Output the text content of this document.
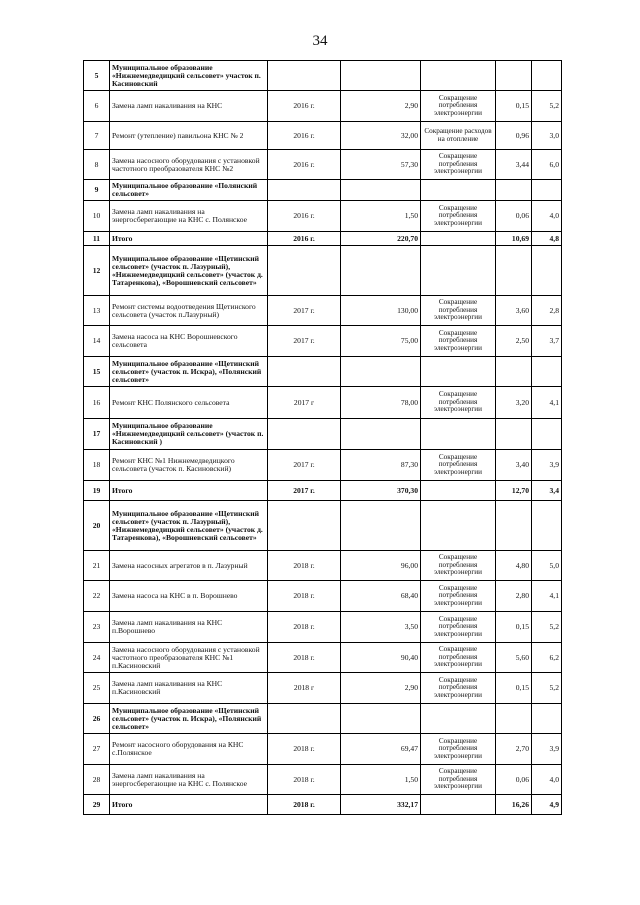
34
5	Муниципальное образование «Нижнемедведицкий сельсовет» участок п. Касиновский					
6	Замена ламп накаливания на КНС	2016 г.	2,90	Сокращение потребления электроэнергии	0,15	5,2
7	Ремонт (утепление) павильона КНС № 2	2016 г.	32,00	Сокращение расходов на отопление	0,96	3,0
8	Замена насосного оборудования с установкой частотного преобразователя КНС №2	2016 г.	57,30	Сокращение потребления электроэнергии	3,44	6,0
9	Муниципальное образование «Полянский сельсовет»					
10	Замена ламп накаливания на энергосберегающие на КНС с. Полянское	2016 г.	1,50	Сокращение потребления электроэнергии	0,06	4,0
11	Итого	2016 г.	220,70		10,69	4,8
12	Муниципальное образование «Щетинский сельсовет» (участок п. Лазурный), «Нижнемедведицкий сельсовет» (участок д. Татаренкова), «Ворошневский сельсовет»					
13	Ремонт системы водоотведения Щетинского сельсовета (участок п.Лазурный)	2017 г.	130,00	Сокращение потребления электроэнергии	3,60	2,8
14	Замена насоса на КНС Ворошневского сельсовета	2017 г.	75,00	Сокращение потребления электроэнергии	2,50	3,7
15	Муниципальное образование «Щетинский сельсовет» (участок п. Искра), «Полянский сельсовет»					
16	Ремонт КНС Полянского сельсовета	2017 г	78,00	Сокращение потребления электроэнергии	3,20	4,1
17	Муниципальное образование «Нижнемедведицкий сельсовет» (участок п. Касиновский )					
18	Ремонт КНС №1 Нижнемедведицкого сельсовета (участок п. Касиновский)	2017 г.	87,30	Сокращение потребления электроэнергии	3,40	3,9
19	Итого	2017 г.	370,30		12,70	3,4
20	Муниципальное образование «Щетинский сельсовет» (участок п. Лазурный), «Нижнемедведицкий сельсовет» (участок д. Татаренкова), «Ворошневский сельсовет»					
21	Замена насосных агрегатов в п. Лазурный	2018 г.	96,00	Сокращение потребления электроэнергии	4,80	5,0
22	Замена насоса на КНС в п. Ворошнево	2018 г.	68,40	Сокращение потребления электроэнергии	2,80	4,1
23	Замена ламп накаливания на КНС п.Ворошнево	2018 г.	3,50	Сокращение потребления электроэнергии	0,15	5,2
24	Замена насосного оборудования с установкой частотного преобразователя КНС №1 п.Касиновский	2018 г.	90,40	Сокращение потребления электроэнергии	5,60	6,2
25	Замена ламп накаливания на КНС п.Касиновский	2018 г	2,90	Сокращение потребления электроэнергии	0,15	5,2
26	Муниципальное образование «Щетинский сельсовет» (участок п. Искра), «Полянский сельсовет»					
27	Ремонт насосного оборудования на КНС с.Полянское	2018 г.	69,47	Сокращение потребления электроэнергии	2,70	3,9
28	Замена ламп накаливания на энергосберегающие на КНС с. Полянское	2018 г.	1,50	Сокращение потребления электроэнергии	0,06	4,0
29	Итого	2018 г.	332,17		16,26	4,9
